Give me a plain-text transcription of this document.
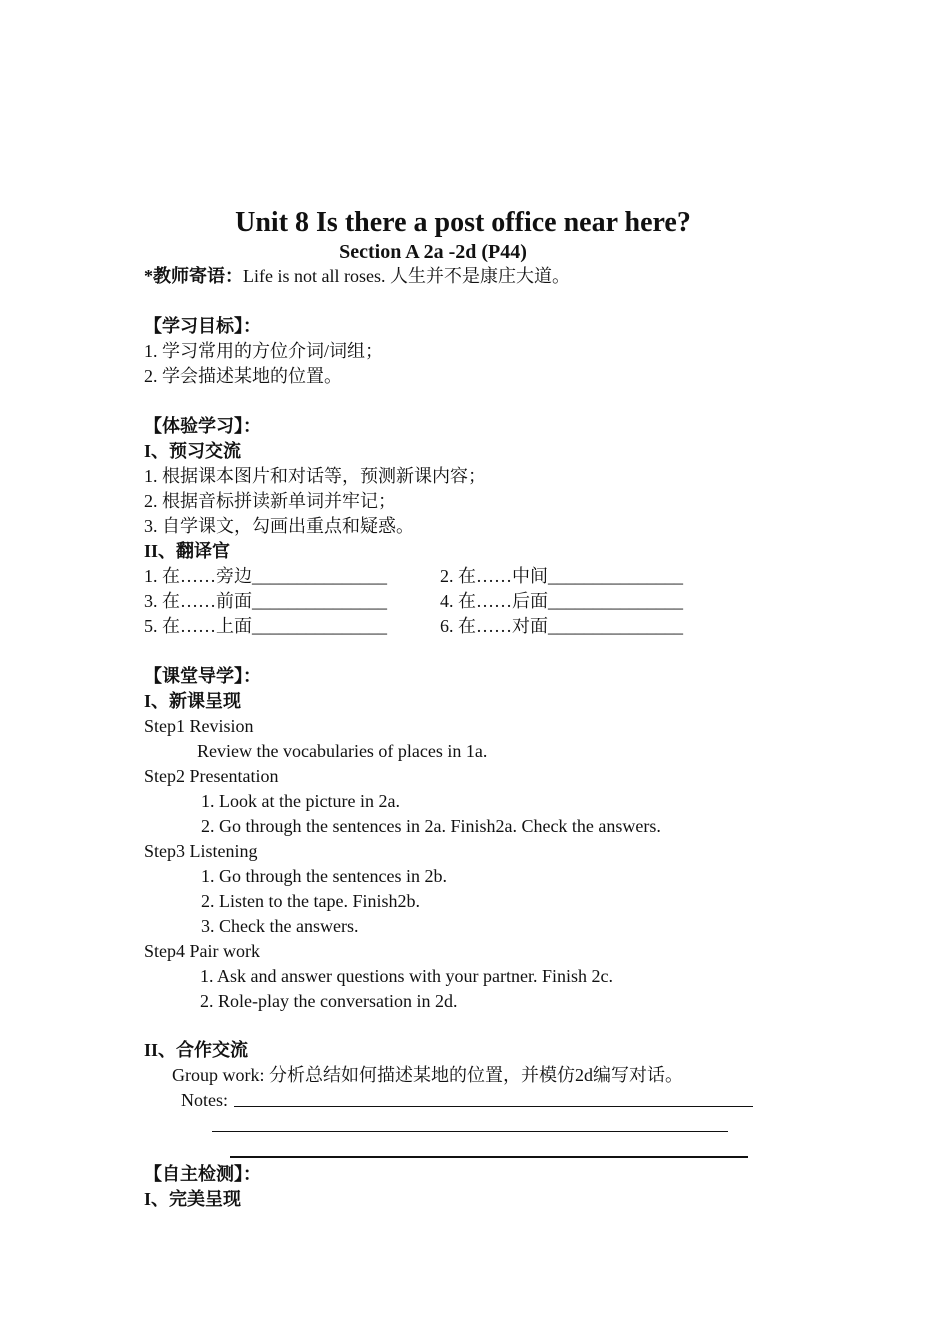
Unit 8 Is there a post office near here?
Section A 2a -2d (P44)
*教师寄语：Life is not all roses. 人生并不是康庄大道。
【学习目标】：
1. 学习常用的方位介词/词组；
2. 学会描述某地的位置。
【体验学习】：
I、预习交流
1. 根据课本图片和对话等，预测新课内容；
2. 根据音标拼读新单词并牢记；
3. 自学课文，勾画出重点和疑惑。
II、翻译官
1. 在……旁边_______________	2. 在……中间_______________
3. 在……前面_______________	4. 在……后面_______________
5. 在……上面_______________	6. 在……对面_______________
【课堂导学】：
I、新课呈现
Step1 Revision
Review the vocabularies of places in 1a.
Step2 Presentation
1. Look at the picture in 2a.
2. Go through the sentences in 2a. Finish2a. Check the answers.
Step3 Listening
1. Go through the sentences in 2b.
2. Listen to the tape. Finish2b.
3. Check the answers.
Step4 Pair work
1. Ask and answer questions with your partner. Finish 2c.
2. Role-play the conversation in 2d.
II、合作交流
Group work: 分析总结如何描述某地的位置，并模仿2d编写对话。
Notes:
【自主检测】：
I、完美呈现
